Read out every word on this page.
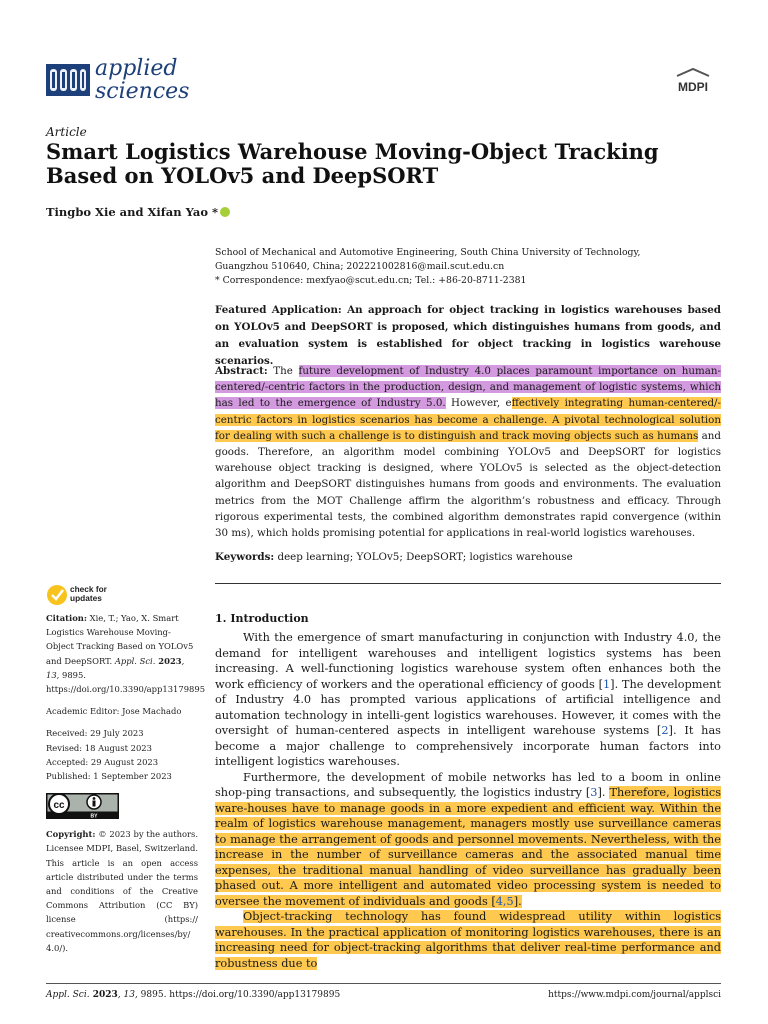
applied
sciences	MDPI
Article
Smart Logistics Warehouse Moving-Object Tracking Based on YOLOv5 and DeepSORT
Tingbo Xie and Xifan Yao *
School of Mechanical and Automotive Engineering, South China University of Technology,
Guangzhou 510640, China; 202221002816@mail.scut.edu.cn
* Correspondence: mexfyao@scut.edu.cn; Tel.: +86-20-8711-2381
Featured Application: An approach for object tracking in logistics warehouses based on YOLOv5 and DeepSORT is proposed, which distinguishes humans from goods, and an evaluation system is established for object tracking in logistics warehouse scenarios.
Abstract: The future development of Industry 4.0 places paramount importance on human-centered/-centric factors in the production, design, and management of logistic systems, which has led to the emergence of Industry 5.0. However, effectively integrating human-centered/-centric factors in logistics scenarios has become a challenge. A pivotal technological solution for dealing with such a challenge is to distinguish and track moving objects such as humans and goods. Therefore, an algorithm model combining YOLOv5 and DeepSORT for logistics warehouse object tracking is designed, where YOLOv5 is selected as the object-detection algorithm and DeepSORT distinguishes humans from goods and environments. The evaluation metrics from the MOT Challenge affirm the algorithm’s robustness and efficacy. Through rigorous experimental tests, the combined algorithm demonstrates rapid convergence (within 30 ms), which holds promising potential for applications in real-world logistics warehouses.
Keywords: deep learning; YOLOv5; DeepSORT; logistics warehouse
check for
updates

Citation: Xie, T.; Yao, X. Smart Logistics Warehouse Moving-Object Tracking Based on YOLOv5 and DeepSORT. Appl. Sci. 2023, 13, 9895. https://doi.org/10.3390/app13179895

Academic Editor: Jose Machado

Received: 29 July 2023

Revised: 18 August 2023

Accepted: 29 August 2023

Published: 1 September 2023

cc
BY

Copyright: © 2023 by the authors. Licensee MDPI, Basel, Switzerland. This article is an open access article distributed under the terms and conditions of the Creative Commons Attribution (CC BY) license (https:// creativecommons.org/licenses/by/ 4.0/).

1. Introduction

With the emergence of smart manufacturing in conjunction with Industry 4.0, the demand for intelligent warehouses and intelligent logistics systems has been increasing. A well-functioning logistics warehouse system often enhances both the work efficiency of workers and the operational efficiency of goods [1]. The development of Industry 4.0 has prompted various applications of artificial intelligence and automation technology in intelli-gent logistics warehouses. However, it comes with the oversight of human-centered aspects in intelligent warehouse systems [2]. It has become a major challenge to comprehensively incorporate human factors into intelligent logistics warehouses.

Furthermore, the development of mobile networks has led to a boom in online shop-ping transactions, and subsequently, the logistics industry [3]. Therefore, logistics ware-houses have to manage goods in a more expedient and efficient way. Within the realm of logistics warehouse management, managers mostly use surveillance cameras to manage the arrangement of goods and personnel movements. Nevertheless, with the increase in the number of surveillance cameras and the associated manual time expenses, the traditional manual handling of video surveillance has gradually been phased out. A more intelligent and automated video processing system is needed to oversee the movement of individuals and goods [4,5].

Object-tracking technology has found widespread utility within logistics warehouses. In the practical application of monitoring logistics warehouses, there is an increasing need for object-tracking algorithms that deliver real-time performance and robustness due to

Appl. Sci. 2023, 13, 9895. https://doi.org/10.3390/app13179895	https://www.mdpi.com/journal/applsci
